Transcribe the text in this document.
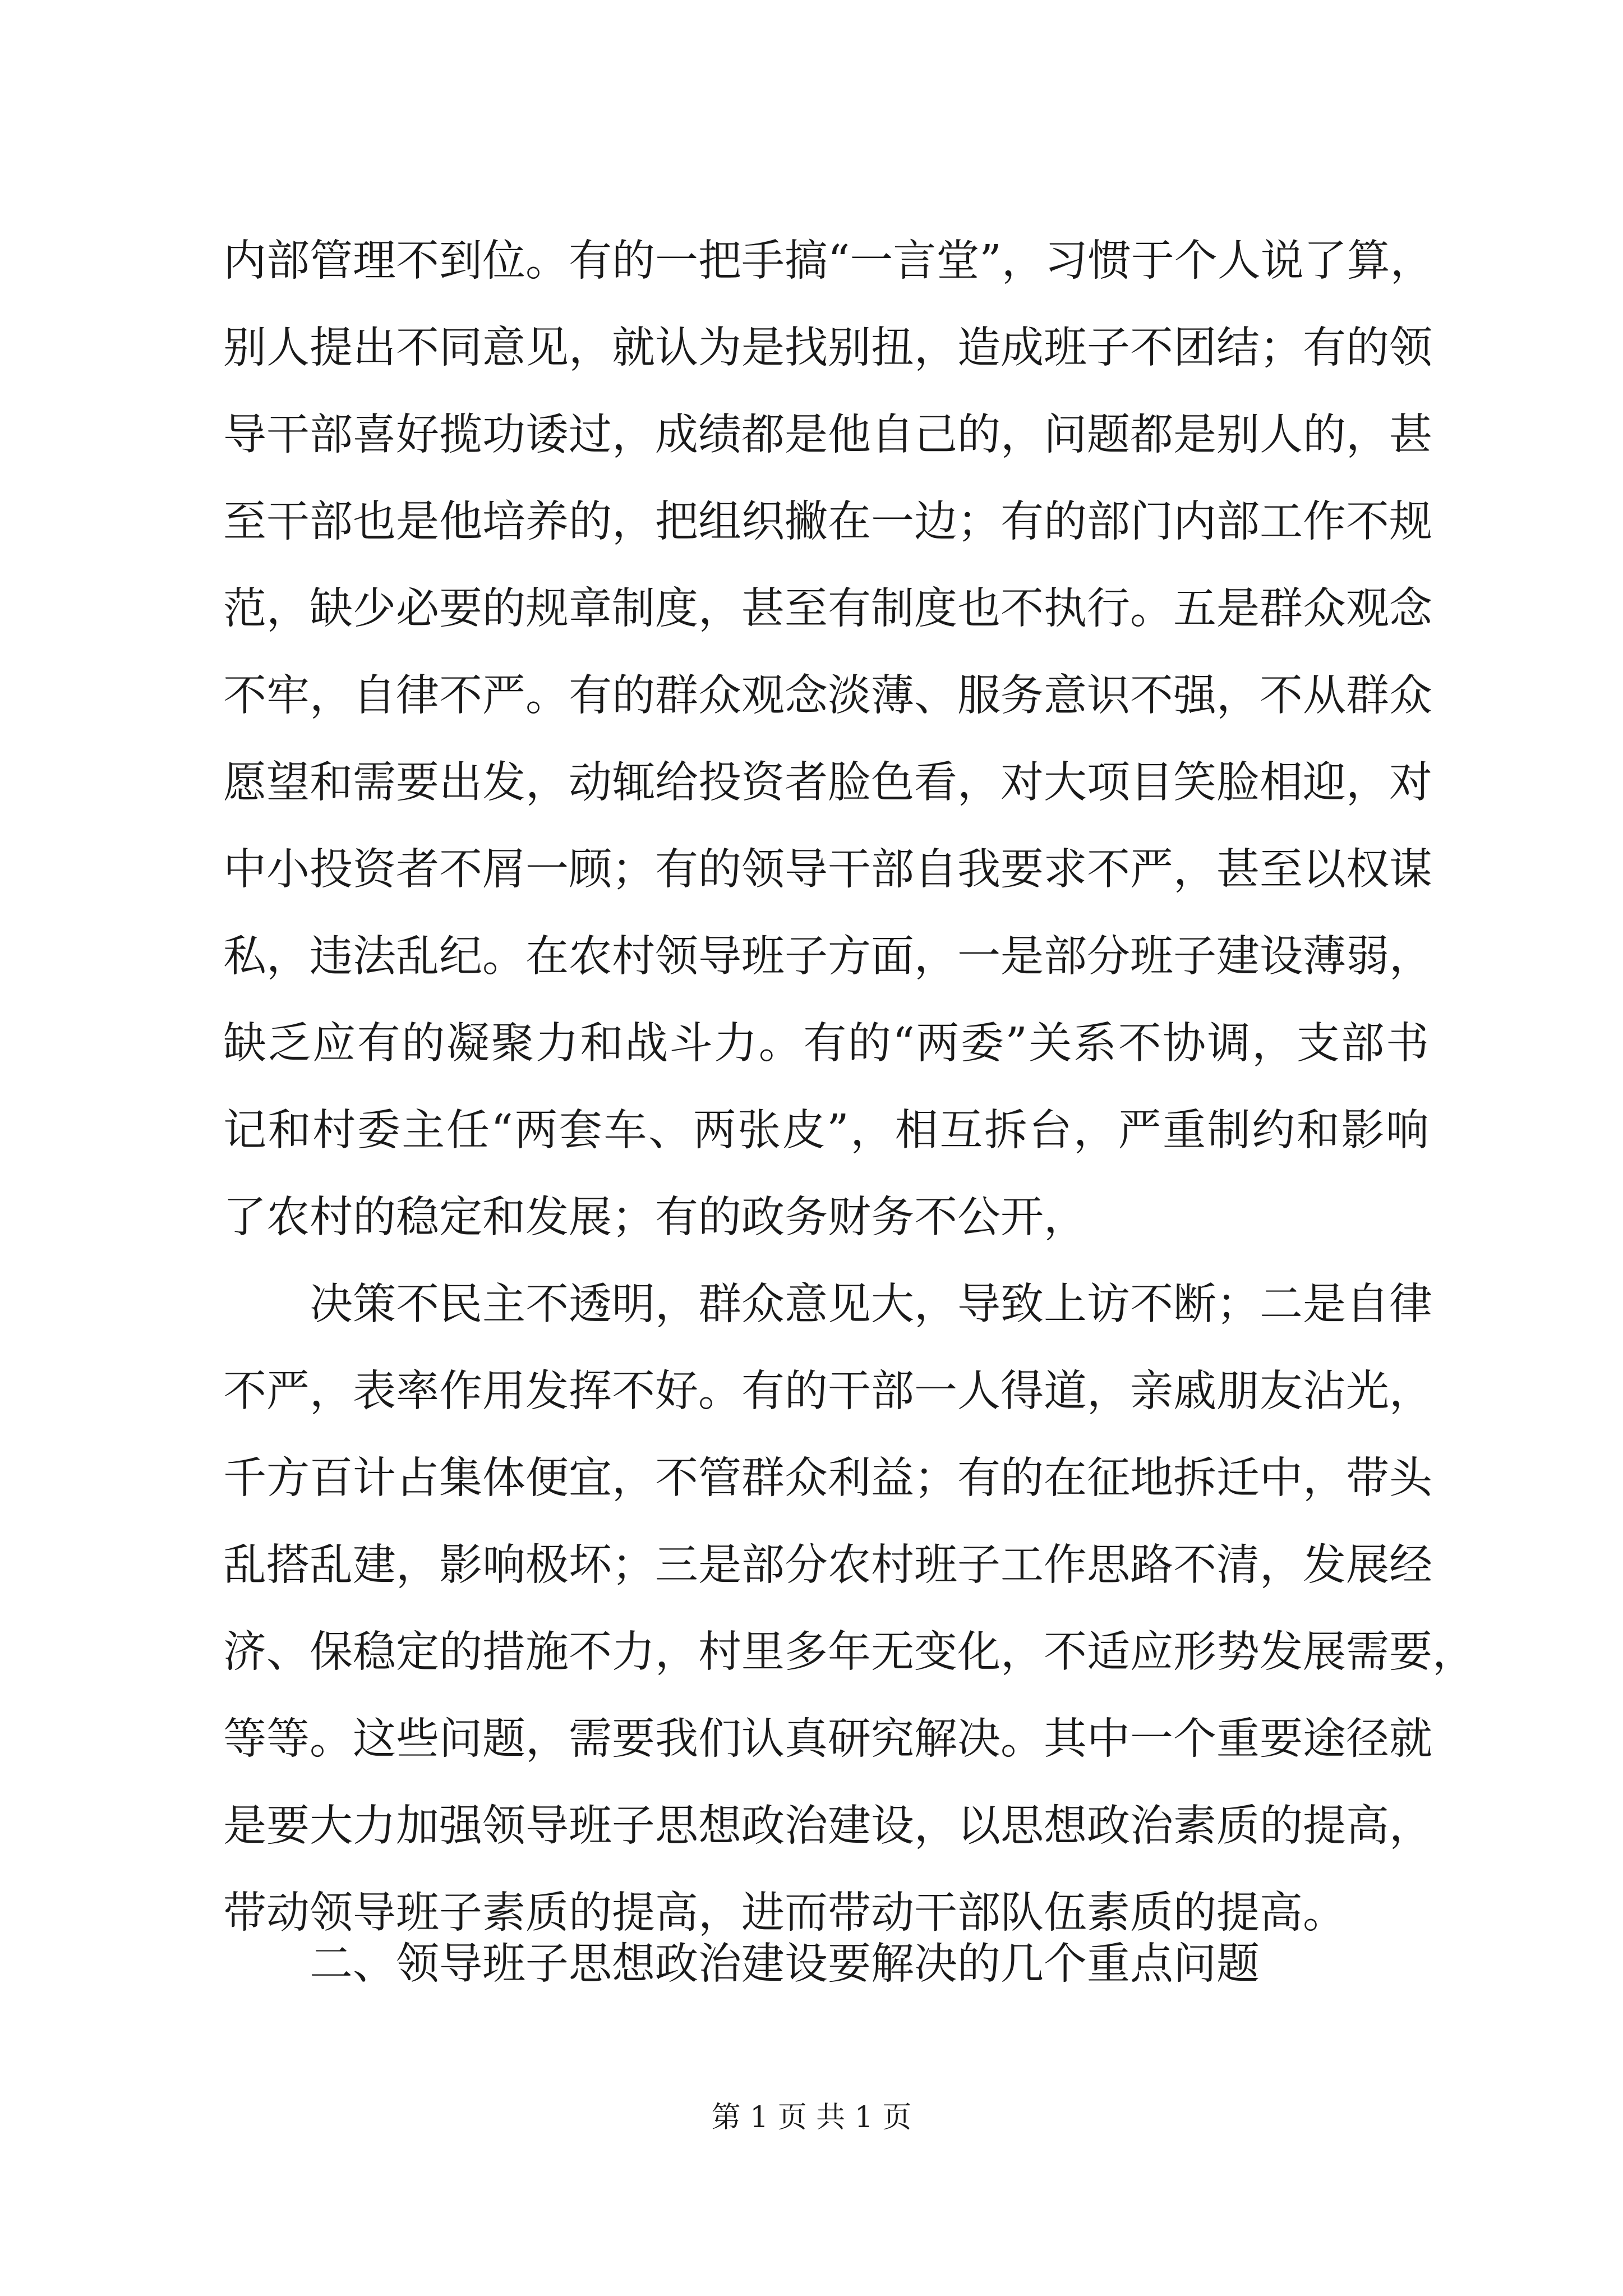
内部管理不到位。有的一把手搞“一言堂”，习惯于个人说了算，
别人提出不同意见，就认为是找别扭，造成班子不团结；有的领
导干部喜好揽功诿过，成绩都是他自己的，问题都是别人的，甚
至干部也是他培养的，把组织撇在一边；有的部门内部工作不规
范，缺少必要的规章制度，甚至有制度也不执行。五是群众观念
不牢，自律不严。有的群众观念淡薄、服务意识不强，不从群众
愿望和需要出发，动辄给投资者脸色看，对大项目笑脸相迎，对
中小投资者不屑一顾；有的领导干部自我要求不严，甚至以权谋
私，违法乱纪。在农村领导班子方面，一是部分班子建设薄弱，
缺乏应有的凝聚力和战斗力。有的“两委”关系不协调，支部书
记和村委主任“两套车、两张皮”，相互拆台，严重制约和影响
了农村的稳定和发展；有的政务财务不公开，
决策不民主不透明，群众意见大，导致上访不断；二是自律
不严，表率作用发挥不好。有的干部一人得道，亲戚朋友沾光，
千方百计占集体便宜，不管群众利益；有的在征地拆迁中，带头
乱搭乱建，影响极坏；三是部分农村班子工作思路不清，发展经
济、保稳定的措施不力，村里多年无变化，不适应形势发展需要，
等等。这些问题，需要我们认真研究解决。其中一个重要途径就
是要大力加强领导班子思想政治建设，以思想政治素质的提高，
带动领导班子素质的提高，进而带动干部队伍素质的提高。
二、领导班子思想政治建设要解决的几个重点问题
第 1 页 共 1 页
